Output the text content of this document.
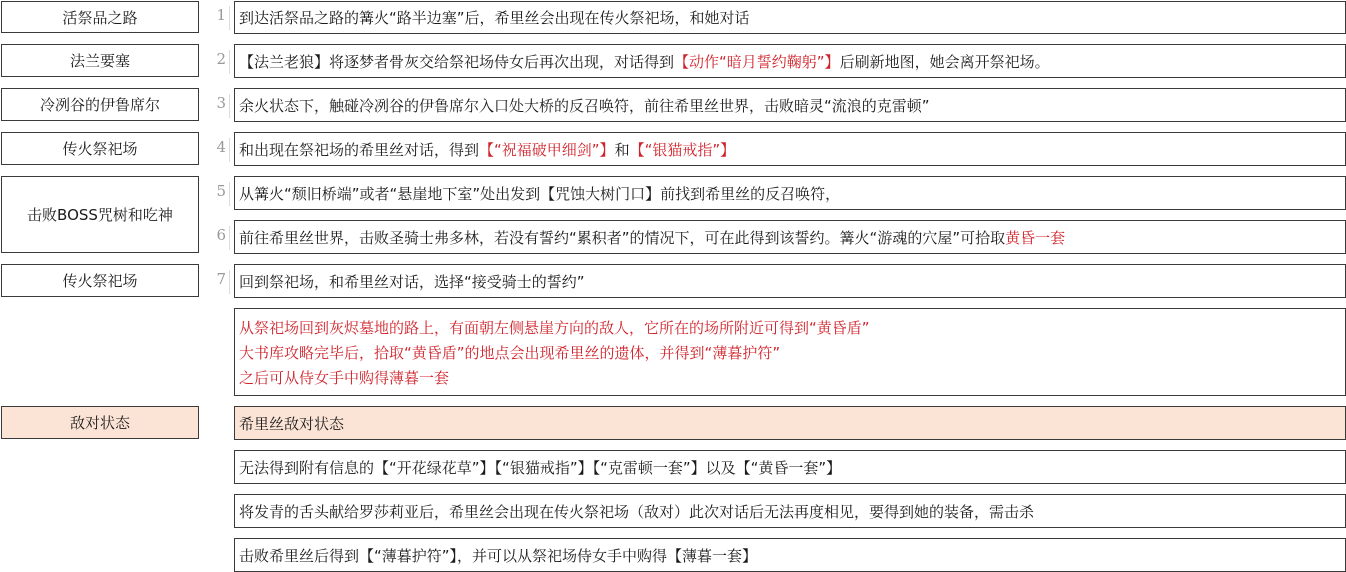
活祭品之路
法兰要塞
冷冽谷的伊鲁席尔
传火祭祀场
击败BOSS咒树和吃神
传火祭祀场
敌对状态
1
2
3
4
5
6
7
到达活祭品之路的篝火“路半边塞”后，希里丝会出现在传火祭祀场，和她对话
【法兰老狼】将逐梦者骨灰交给祭祀场侍女后再次出现，对话得到 【动作“暗月誓约鞠躬”】 后刷新地图，她会离开祭祀场。
余火状态下，触碰冷冽谷的伊鲁席尔入口处大桥的反召唤符，前往希里丝世界，击败暗灵“流浪的克雷顿”
和出现在祭祀场的希里丝对话，得到 【“祝福破甲细剑”】 和 【“银猫戒指”】
从篝火“颓旧桥端”或者“悬崖地下室”处出发到【咒蚀大树门口】前找到希里丝的反召唤符，
前往希里丝世界，击败圣骑士弗多林，若没有誓约“累积者”的情况下，可在此得到该誓约。篝火“游魂的穴屋”可拾取 黄昏一套
回到祭祀场，和希里丝对话，选择“接受骑士的誓约”
从祭祀场回到灰烬墓地的路上，有面朝左侧悬崖方向的敌人，它所在的场所附近可得到“黄昏盾”
大书库攻略完毕后，拾取“黄昏盾”的地点会出现希里丝的遗体，并得到“薄暮护符”
之后可从侍女手中购得薄暮一套
希里丝敌对状态
无法得到附有信息的【“开花绿花草”】【“银猫戒指”】【“克雷顿一套”】以及【“黄昏一套”】
将发青的舌头献给罗莎莉亚后，希里丝会出现在传火祭祀场（敌对）此次对话后无法再度相见，要得到她的装备，需击杀
击败希里丝后得到【“薄暮护符”】，并可以从祭祀场侍女手中购得【薄暮一套】
